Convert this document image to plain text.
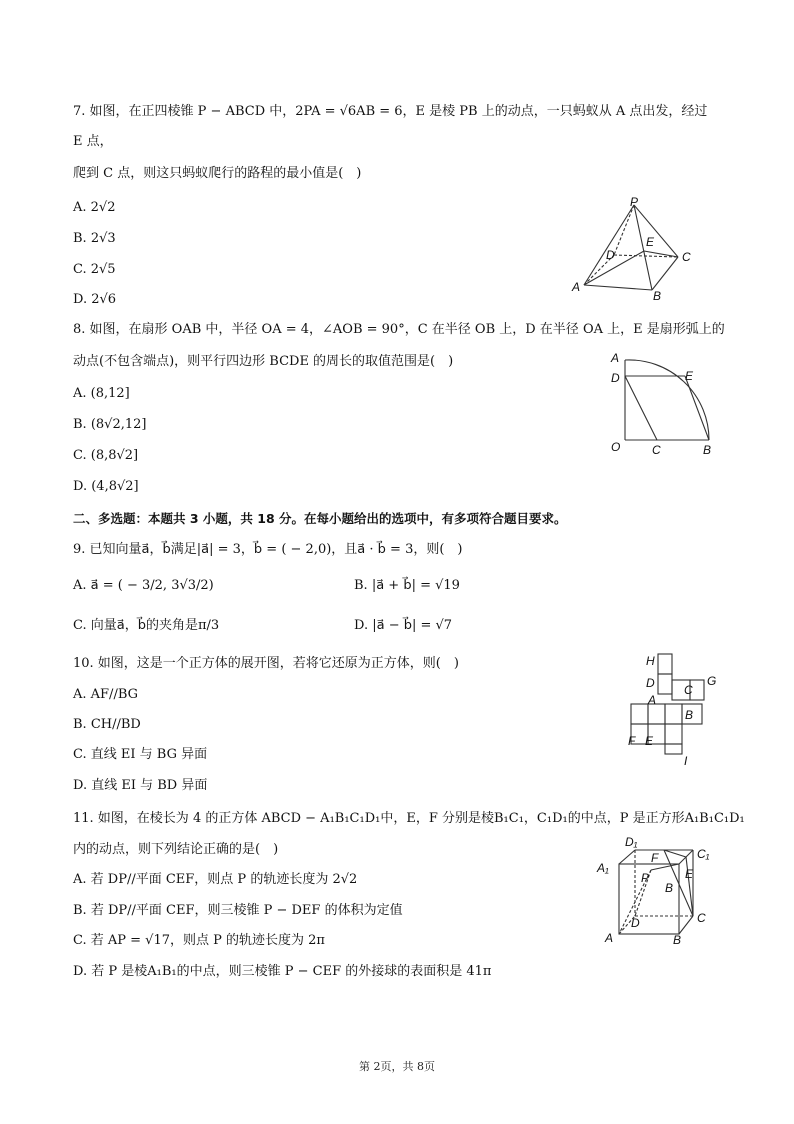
7. 如图，在正四棱锥 P − ABCD 中，2PA = √6AB = 6，E 是棱 PB 上的动点，一只蚂蚁从 A 点出发，经过
E 点，
爬到 C 点，则这只蚂蚁爬行的路程的最小值是(　)
A. 2√2
B. 2√3
C. 2√5
D. 2√6
P
E
D	C
A
B
8. 如图，在扇形 OAB 中，半径 OA = 4，∠AOB = 90°，C 在半径 OB 上，D 在半径 OA 上，E 是扇形弧上的
动点(不包含端点)，则平行四边形 BCDE 的周长的取值范围是(　)
A. (8,12]
B. (8√2,12]
C. (8,8√2]
D. (4,8√2]
A
D	E
O	C	B
二、多选题：本题共 3 小题，共 18 分。在每小题给出的选项中，有多项符合题目要求。
9. 已知向量a⃗，b⃗满足|a⃗| = 3，b⃗ = ( − 2,0)，且a⃗ · b⃗ = 3，则(　)
A. a⃗ = ( − 3/2, 3√3/2)	B. |a⃗ + b⃗| = √19
C. 向量a⃗，b⃗的夹角是π/3	D. |a⃗ − b⃗| = √7
10. 如图，这是一个正方体的展开图，若将它还原为正方体，则(　)
A. AF//BG
B. CH//BD
C. 直线 EI 与 BG 异面
D. 直线 EI 与 BD 异面
H
D C
G
A
B
F E
I
11. 如图，在棱长为 4 的正方体 ABCD − A₁B₁C₁D₁中，E，F 分别是棱B₁C₁，C₁D₁的中点，P 是正方形A₁B₁C₁D₁
内的动点，则下列结论正确的是(　)
A. 若 DP//平面 CEF，则点 P 的轨迹长度为 2√2
B. 若 DP//平面 CEF，则三棱锥 P − DEF 的体积为定值
C. 若 AP = √17，则点 P 的轨迹长度为 2π
D. 若 P 是棱A₁B₁的中点，则三棱锥 P − CEF 的外接球的表面积是 41π
D₁
C₁
A₁
F
P
B
E
D	C
A	B
第 2页，共 8页
